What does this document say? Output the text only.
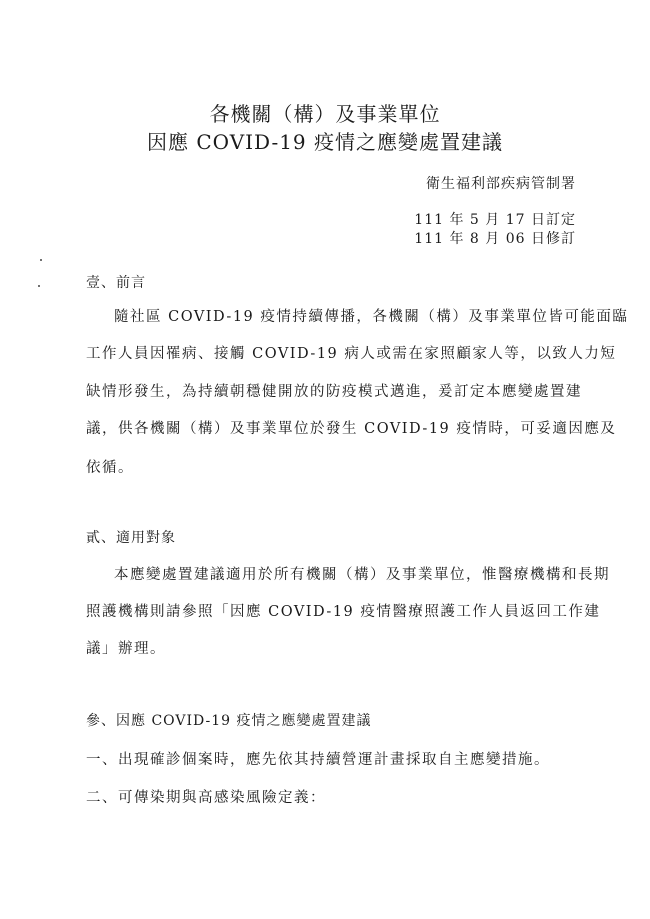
各機關（構）及事業單位
因應 COVID-19 疫情之應變處置建議
衛生福利部疾病管制署
111 年 5 月 17 日訂定
111 年 8 月 06 日修訂
壹、前言
隨社區 COVID-19 疫情持續傳播，各機關（構）及事業單位皆可能面臨
工作人員因罹病、接觸 COVID-19 病人或需在家照顧家人等，以致人力短
缺情形發生，為持續朝穩健開放的防疫模式邁進，爰訂定本應變處置建
議，供各機關（構）及事業單位於發生 COVID-19 疫情時，可妥適因應及
依循。
貳、適用對象
本應變處置建議適用於所有機關（構）及事業單位，惟醫療機構和長期
照護機構則請參照「因應 COVID-19 疫情醫療照護工作人員返回工作建
議」辦理。
參、因應 COVID-19 疫情之應變處置建議
一、出現確診個案時，應先依其持續營運計畫採取自主應變措施。
二、可傳染期與高感染風險定義：
